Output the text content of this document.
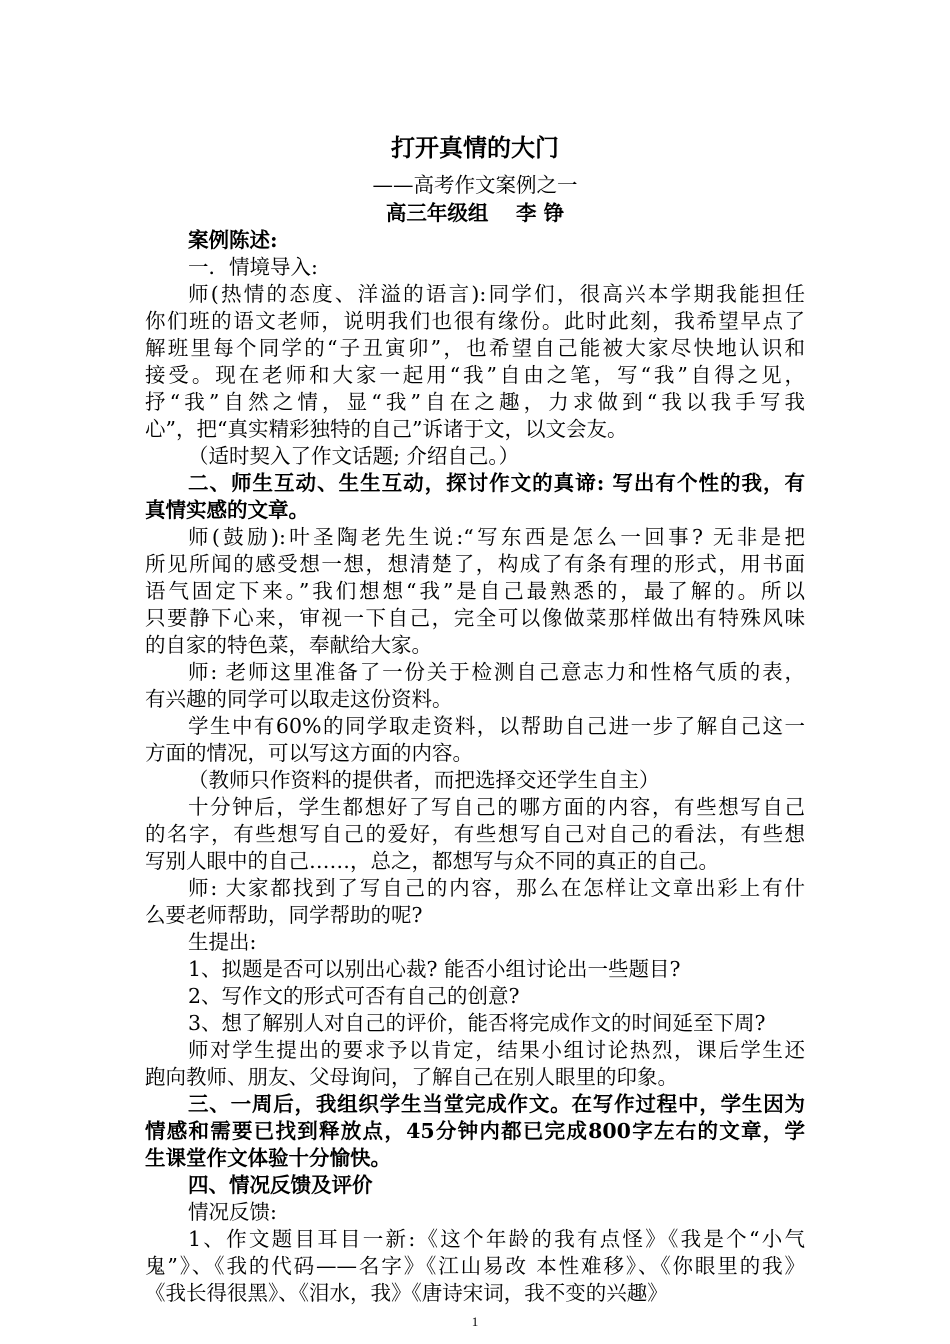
打开真情的大门
——高考作文案例之一
高三年级组　 李 铮
案例陈述:
一．情境导入:
师(热情的态度、洋溢的语言):同学们，很高兴本学期我能担任
你们班的语文老师，说明我们也很有缘份。此时此刻，我希望早点了
解班里每个同学的“子丑寅卯”，也希望自己能被大家尽快地认识和
接受。现在老师和大家一起用“我”自由之笔，写“我”自得之见，
抒“我”自然之情，显“我”自在之趣，力求做到“我以我手写我
心”，把“真实精彩独特的自己”诉诸于文，以文会友。
（适时契入了作文话题; 介绍自己。）
二、师生互动、生生互动，探讨作文的真谛: 写出有个性的我，有
真情实感的文章。
师(鼓励):叶圣陶老先生说:“写东西是怎么一回事? 无非是把
所见所闻的感受想一想，想清楚了，构成了有条有理的形式，用书面
语气固定下来。”我们想想“我”是自己最熟悉的，最了解的。所以
只要静下心来，审视一下自己，完全可以像做菜那样做出有特殊风味
的自家的特色菜，奉献给大家。
师: 老师这里准备了一份关于检测自己意志力和性格气质的表，
有兴趣的同学可以取走这份资料。
学生中有60%的同学取走资料，以帮助自己进一步了解自己这一
方面的情况，可以写这方面的内容。
（教师只作资料的提供者，而把选择交还学生自主）
十分钟后，学生都想好了写自己的哪方面的内容，有些想写自己
的名字，有些想写自己的爱好，有些想写自己对自己的看法，有些想
写别人眼中的自己……，总之，都想写与众不同的真正的自己。
师: 大家都找到了写自己的内容，那么在怎样让文章出彩上有什
么要老师帮助，同学帮助的呢?
生提出:
1、拟题是否可以别出心裁? 能否小组讨论出一些题目?
2、写作文的形式可否有自己的创意?
3、想了解别人对自己的评价，能否将完成作文的时间延至下周?
师对学生提出的要求予以肯定，结果小组讨论热烈，课后学生还
跑向教师、朋友、父母询问，了解自己在别人眼里的印象。
三、一周后，我组织学生当堂完成作文。在写作过程中，学生因为
情感和需要已找到释放点，45分钟内都已完成800字左右的文章，学
生课堂作文体验十分愉快。
四、情况反馈及评价
情况反馈:
1、作文题目耳目一新:《这个年龄的我有点怪》《我是个“小气
鬼”》、《我的代码——名字》《江山易改 本性难移》、《你眼里的我》
《我长得很黑》、《泪水，我》《唐诗宋词，我不变的兴趣》
1
